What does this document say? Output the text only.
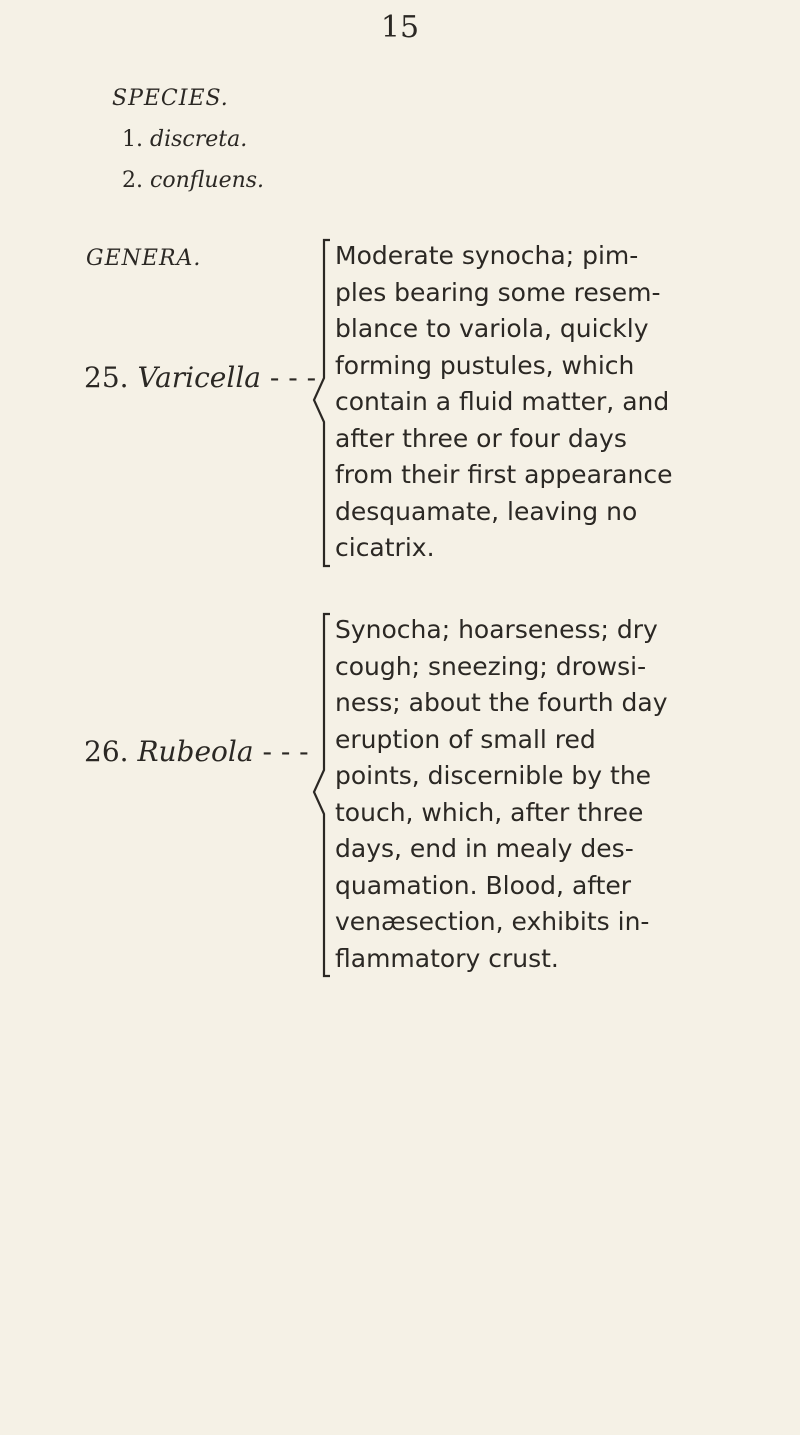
15
SPECIES.
1. discreta.
2. confluens.
GENERA.
25. Varicella - - -
Moderate synocha; pim-
ples bearing some resem-
blance to variola, quickly
forming pustules, which
contain a fluid matter, and
after three or four days
from their first appearance
desquamate, leaving no
cicatrix.
26. Rubeola - - -
Synocha; hoarseness; dry
cough; sneezing; drowsi-
ness; about the fourth day
eruption of small red
points, discernible by the
touch, which, after three
days, end in mealy des-
quamation. Blood, after
venæsection, exhibits in-
flammatory crust.
